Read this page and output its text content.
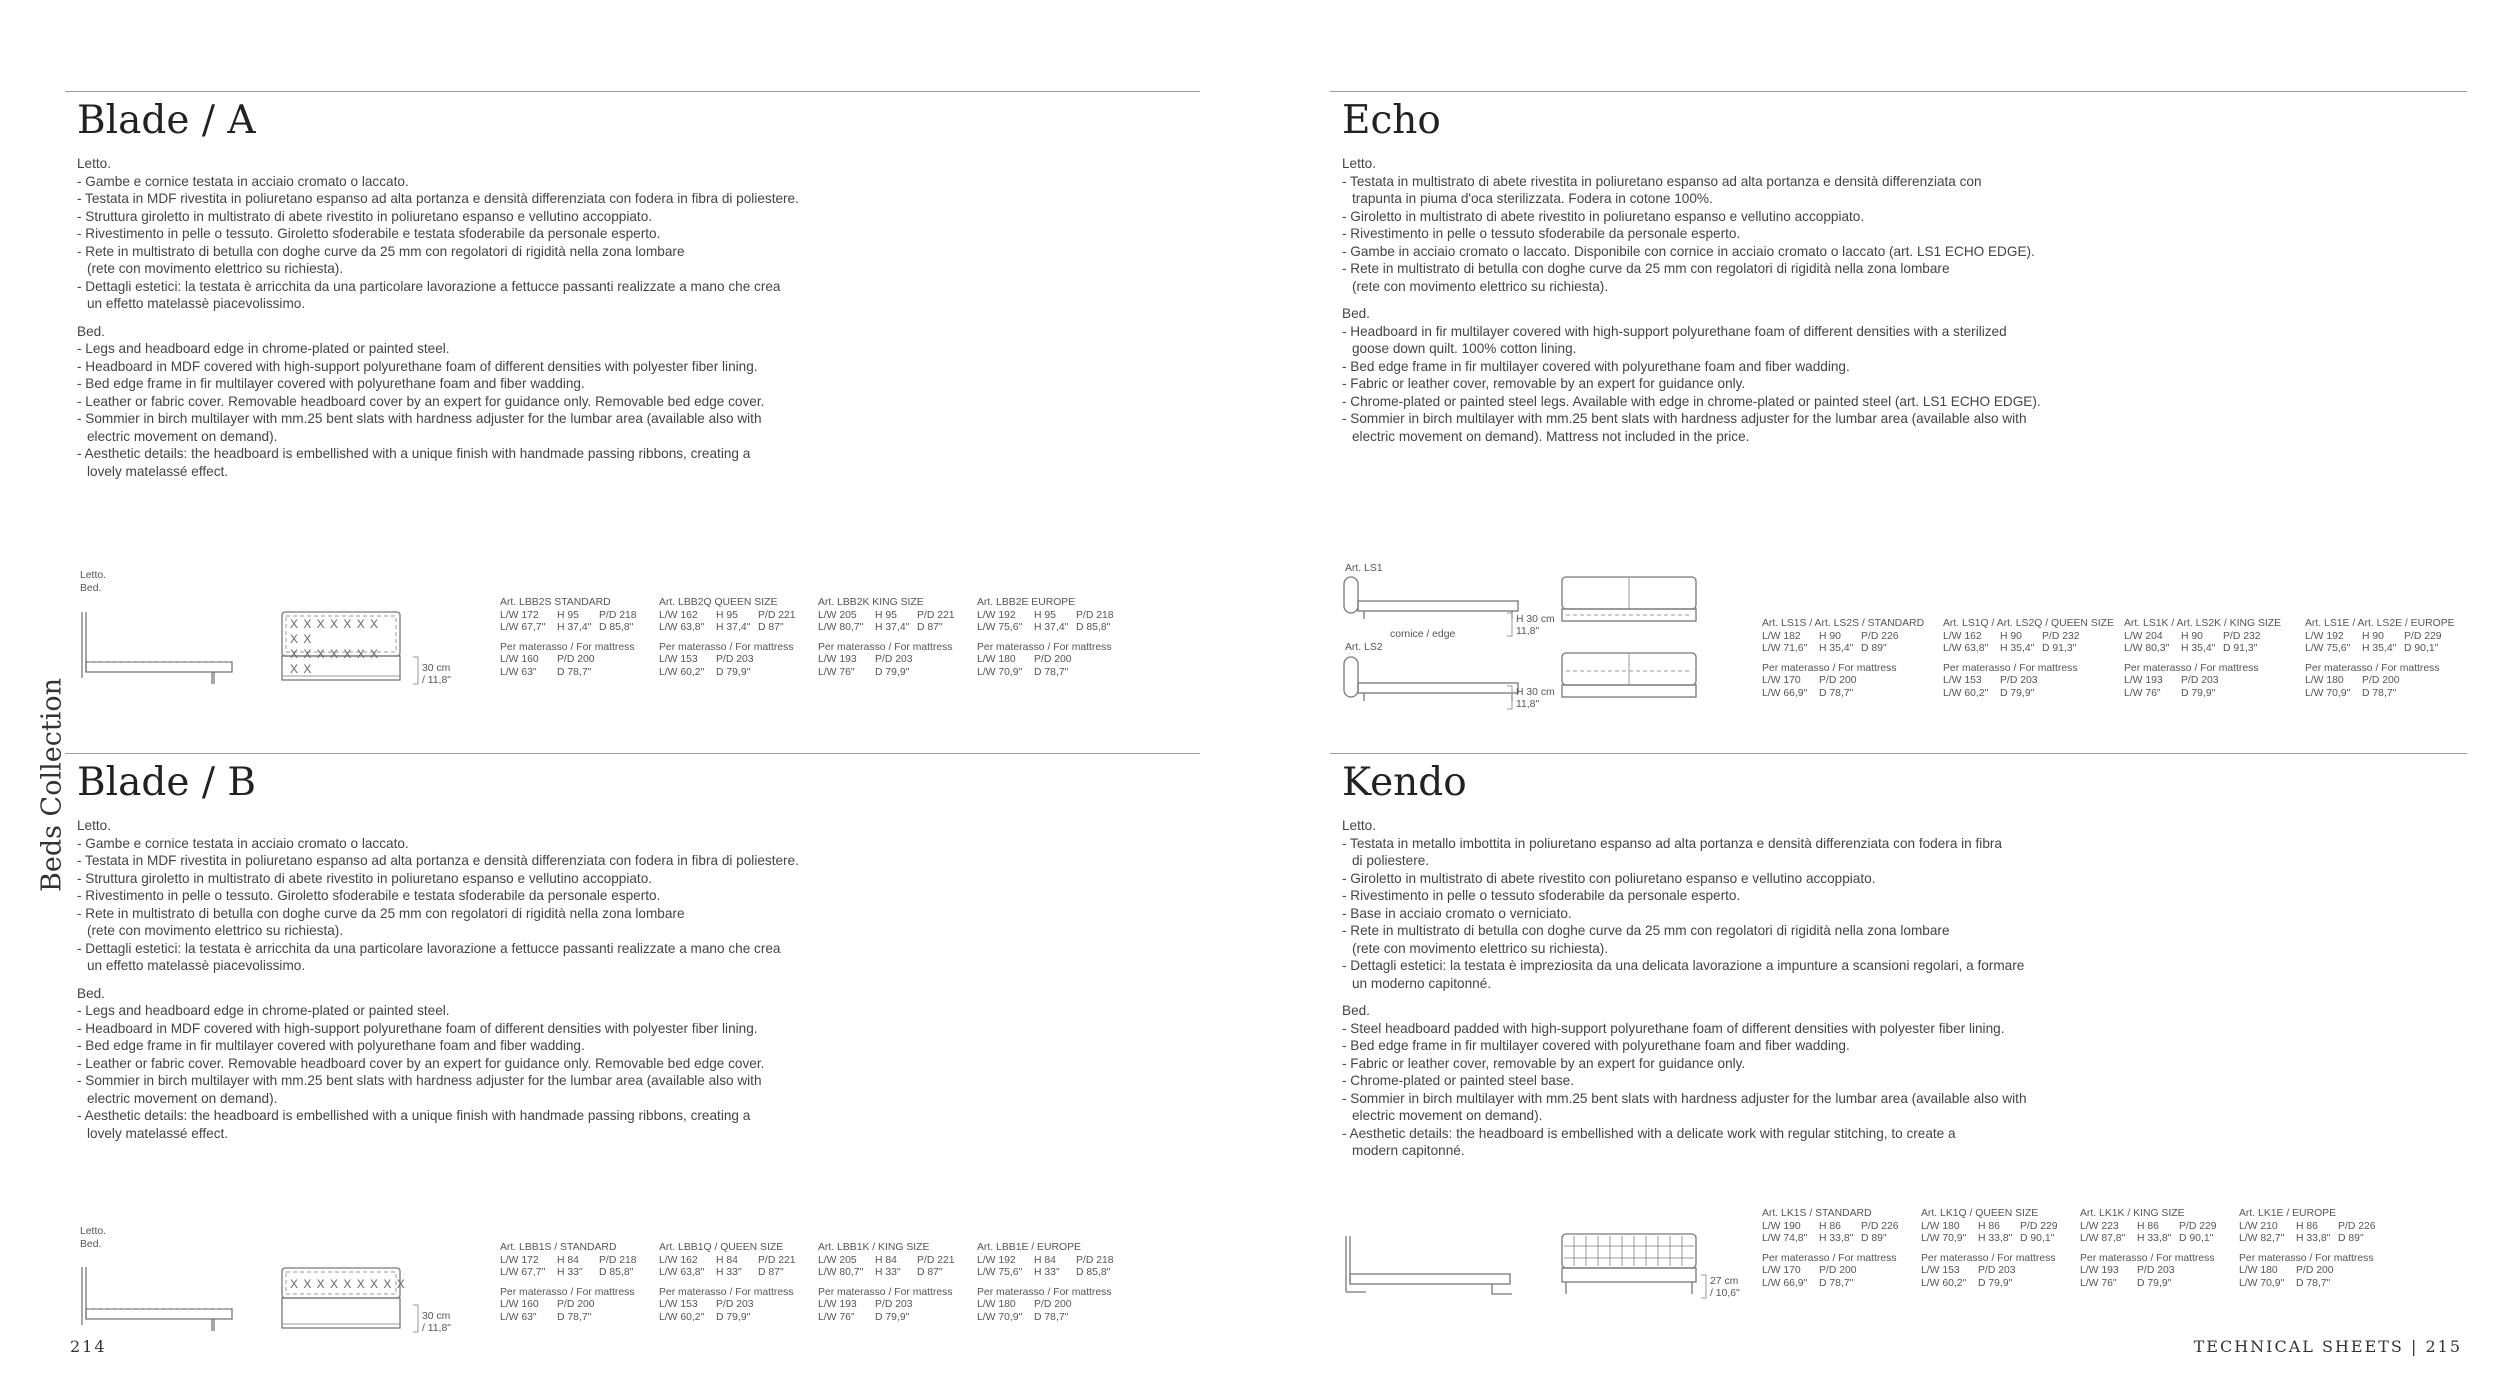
Beds Collection
214	TECHNICAL SHEETS | 215
Blade / A
Letto.
- Gambe e cornice testata in acciaio cromato o laccato.
- Testata in MDF rivestita in poliuretano espanso ad alta portanza e densità differenziata con fodera in fibra di poliestere.
- Struttura giroletto in multistrato di abete rivestito in poliuretano espanso e vellutino accoppiato.
- Rivestimento in pelle o tessuto. Giroletto sfoderabile e testata sfoderabile da personale esperto.
- Rete in multistrato di betulla con doghe curve da 25 mm con regolatori di rigidità nella zona lombare
(rete con movimento elettrico su richiesta).
- Dettagli estetici: la testata è arricchita da una particolare lavorazione a fettucce passanti realizzate a mano che crea
un effetto matelassè piacevolissimo.
Bed.
- Legs and headboard edge in chrome-plated or painted steel.
- Headboard in MDF covered with high-support polyurethane foam of different densities with polyester fiber lining.
- Bed edge frame in fir multilayer covered with polyurethane foam and fiber wadding.
- Leather or fabric cover. Removable headboard cover by an expert for guidance only. Removable bed edge cover.
- Sommier in birch multilayer with mm.25 bent slats with hardness adjuster for the lumbar area (available also with
electric movement on demand).
- Aesthetic details: the headboard is embellished with a unique finish with handmade passing ribbons, creating a
lovely matelassé effect.
Letto.
Bed.
X X X X X X X X X
X X X X X X X X X	30 cm
/ 11,8"
Art. LBB2S STANDARD
L/W 172 H 95 P/D 218
L/W 67,7" H 37,4" D 85,8"
Per materasso / For mattress
L/W 160 P/D 200
L/W 63" D 78,7"
Art. LBB2Q QUEEN SIZE
L/W 162 H 95 P/D 221
L/W 63,8" H 37,4" D 87"
Per materasso / For mattress
L/W 153 P/D 203
L/W 60,2" D 79,9"
Art. LBB2K KING SIZE
L/W 205 H 95 P/D 221
L/W 80,7" H 37,4" D 87"
Per materasso / For mattress
L/W 193 P/D 203
L/W 76" D 79,9"
Art. LBB2E EUROPE
L/W 192 H 95 P/D 218
L/W 75,6" H 37,4" D 85,8"
Per materasso / For mattress
L/W 180 P/D 200
L/W 70,9" D 78,7"
Blade / B
Letto.
- Gambe e cornice testata in acciaio cromato o laccato.
- Testata in MDF rivestita in poliuretano espanso ad alta portanza e densità differenziata con fodera in fibra di poliestere.
- Struttura giroletto in multistrato di abete rivestito in poliuretano espanso e vellutino accoppiato.
- Rivestimento in pelle o tessuto. Giroletto sfoderabile e testata sfoderabile da personale esperto.
- Rete in multistrato di betulla con doghe curve da 25 mm con regolatori di rigidità nella zona lombare
(rete con movimento elettrico su richiesta).
- Dettagli estetici: la testata è arricchita da una particolare lavorazione a fettucce passanti realizzate a mano che crea
un effetto matelassè piacevolissimo.
Bed.
- Legs and headboard edge in chrome-plated or painted steel.
- Headboard in MDF covered with high-support polyurethane foam of different densities with polyester fiber lining.
- Bed edge frame in fir multilayer covered with polyurethane foam and fiber wadding.
- Leather or fabric cover. Removable headboard cover by an expert for guidance only. Removable bed edge cover.
- Sommier in birch multilayer with mm.25 bent slats with hardness adjuster for the lumbar area (available also with
electric movement on demand).
- Aesthetic details: the headboard is embellished with a unique finish with handmade passing ribbons, creating a
lovely matelassé effect.
Letto.
Bed.
X X X X X X X X X
30 cm
/ 11,8"
Art. LBB1S / STANDARD
L/W 172 H 84 P/D 218
L/W 67,7" H 33" D 85,8"
Per materasso / For mattress
L/W 160 P/D 200
L/W 63" D 78,7"
Art. LBB1Q / QUEEN SIZE
L/W 162 H 84 P/D 221
L/W 63,8" H 33" D 87"
Per materasso / For mattress
L/W 153 P/D 203
L/W 60,2" D 79,9"
Art. LBB1K / KING SIZE
L/W 205 H 84 P/D 221
L/W 80,7" H 33" D 87"
Per materasso / For mattress
L/W 193 P/D 203
L/W 76" D 79,9"
Art. LBB1E / EUROPE
L/W 192 H 84 P/D 218
L/W 75,6" H 33" D 85,8"
Per materasso / For mattress
L/W 180 P/D 200
L/W 70,9" D 78,7"
Echo
Letto.
- Testata in multistrato di abete rivestita in poliuretano espanso ad alta portanza e densità differenziata con
trapunta in piuma d'oca sterilizzata. Fodera in cotone 100%.
- Giroletto in multistrato di abete rivestito in poliuretano espanso e vellutino accoppiato.
- Rivestimento in pelle o tessuto sfoderabile da personale esperto.
- Gambe in acciaio cromato o laccato. Disponibile con cornice in acciaio cromato o laccato (art. LS1 ECHO EDGE).
- Rete in multistrato di betulla con doghe curve da 25 mm con regolatori di rigidità nella zona lombare
(rete con movimento elettrico su richiesta).
Bed.
- Headboard in fir multilayer covered with high-support polyurethane foam of different densities with a sterilized
goose down quilt. 100% cotton lining.
- Bed edge frame in fir multilayer covered with polyurethane foam and fiber wadding.
- Fabric or leather cover, removable by an expert for guidance only.
- Chrome-plated or painted steel legs. Available with edge in chrome-plated or painted steel (art. LS1 ECHO EDGE).
- Sommier in birch multilayer with mm.25 bent slats with hardness adjuster for the lumbar area (available also with
electric movement on demand). Mattress not included in the price.
Art. LS1
cornice / edge
Art. LS2
H 30 cm
11,8"
H 30 cm
11,8"
Art. LS1S / Art. LS2S / STANDARD
L/W 182 H 90 P/D 226
L/W 71,6" H 35,4" D 89"
Per materasso / For mattress
L/W 170 P/D 200
L/W 66,9" D 78,7"
Art. LS1Q / Art. LS2Q / QUEEN SIZE
L/W 162 H 90 P/D 232
L/W 63,8" H 35,4" D 91,3"
Per materasso / For mattress
L/W 153 P/D 203
L/W 60,2" D 79,9"
Art. LS1K / Art. LS2K / KING SIZE
L/W 204 H 90 P/D 232
L/W 80,3" H 35,4" D 91,3"
Per materasso / For mattress
L/W 193 P/D 203
L/W 76" D 79,9"
Art. LS1E / Art. LS2E / EUROPE
L/W 192 H 90 P/D 229
L/W 75,6" H 35,4" D 90,1"
Per materasso / For mattress
L/W 180 P/D 200
L/W 70,9" D 78,7"
Kendo
Letto.
- Testata in metallo imbottita in poliuretano espanso ad alta portanza e densità differenziata con fodera in fibra
di poliestere.
- Giroletto in multistrato di abete rivestito con poliuretano espanso e vellutino accoppiato.
- Rivestimento in pelle o tessuto sfoderabile da personale esperto.
- Base in acciaio cromato o verniciato.
- Rete in multistrato di betulla con doghe curve da 25 mm con regolatori di rigidità nella zona lombare
(rete con movimento elettrico su richiesta).
- Dettagli estetici: la testata è impreziosita da una delicata lavorazione a impunture a scansioni regolari, a formare
un moderno capitonné.
Bed.
- Steel headboard padded with high-support polyurethane foam of different densities with polyester fiber lining.
- Bed edge frame in fir multilayer covered with polyurethane foam and fiber wadding.
- Fabric or leather cover, removable by an expert for guidance only.
- Chrome-plated or painted steel base.
- Sommier in birch multilayer with mm.25 bent slats with hardness adjuster for the lumbar area (available also with
electric movement on demand).
- Aesthetic details: the headboard is embellished with a delicate work with regular stitching, to create a
modern capitonné.
27 cm
/ 10,6"
Art. LK1S / STANDARD
L/W 190 H 86 P/D 226
L/W 74,8" H 33,8" D 89"
Per materasso / For mattress
L/W 170 P/D 200
L/W 66,9" D 78,7"
Art. LK1Q / QUEEN SIZE
L/W 180 H 86 P/D 229
L/W 70,9" H 33,8" D 90,1"
Per materasso / For mattress
L/W 153 P/D 203
L/W 60,2" D 79,9"
Art. LK1K / KING SIZE
L/W 223 H 86 P/D 229
L/W 87,8" H 33,8" D 90,1"
Per materasso / For mattress
L/W 193 P/D 203
L/W 76" D 79,9"
Art. LK1E / EUROPE
L/W 210 H 86 P/D 226
L/W 82,7" H 33,8" D 89"
Per materasso / For mattress
L/W 180 P/D 200
L/W 70,9" D 78,7"
